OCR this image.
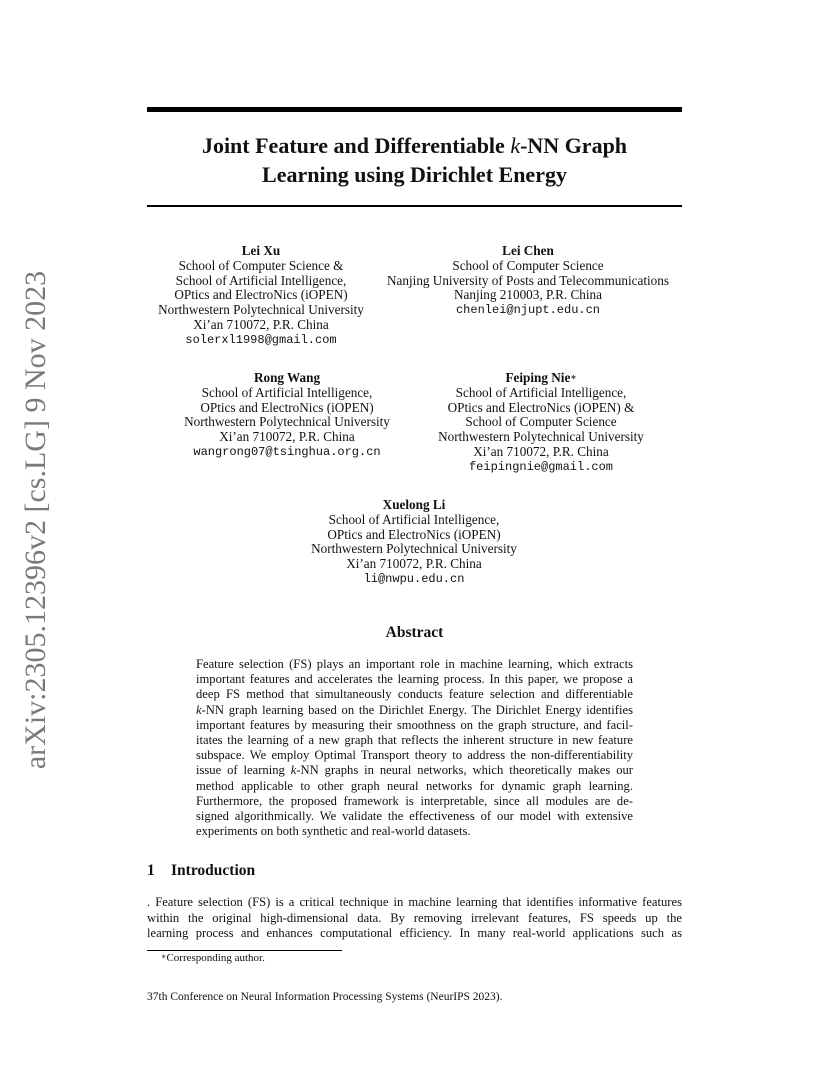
arXiv:2305.12396v2 [cs.LG] 9 Nov 2023
Joint Feature and Differentiable k-NN Graph
Learning using Dirichlet Energy
Lei Xu
School of Computer Science &
School of Artificial Intelligence,
OPtics and ElectroNics (iOPEN)
Northwestern Polytechnical University
Xi’an 710072, P.R. China
solerxl1998@gmail.com
Lei Chen
School of Computer Science
Nanjing University of Posts and Telecommunications
Nanjing 210003, P.R. China
chenlei@njupt.edu.cn
Rong Wang
School of Artificial Intelligence,
OPtics and ElectroNics (iOPEN)
Northwestern Polytechnical University
Xi’an 710072, P.R. China
wangrong07@tsinghua.org.cn
Feiping Nie∗
School of Artificial Intelligence,
OPtics and ElectroNics (iOPEN) &
School of Computer Science
Northwestern Polytechnical University
Xi’an 710072, P.R. China
feipingnie@gmail.com
Xuelong Li
School of Artificial Intelligence,
OPtics and ElectroNics (iOPEN)
Northwestern Polytechnical University
Xi’an 710072, P.R. China
li@nwpu.edu.cn
Abstract
Feature selection (FS) plays an important role in machine learning, which extracts
important features and accelerates the learning process. In this paper, we propose a
deep FS method that simultaneously conducts feature selection and differentiable
k-NN graph learning based on the Dirichlet Energy. The Dirichlet Energy identifies
important features by measuring their smoothness on the graph structure, and facil-
itates the learning of a new graph that reflects the inherent structure in new feature
subspace. We employ Optimal Transport theory to address the non-differentiability
issue of learning k-NN graphs in neural networks, which theoretically makes our
method applicable to other graph neural networks for dynamic graph learning.
Furthermore, the proposed framework is interpretable, since all modules are de-
signed algorithmically. We validate the effectiveness of our model with extensive
experiments on both synthetic and real-world datasets.
1 Introduction
. Feature selection (FS) is a critical technique in machine learning that identifies informative features
within the original high-dimensional data. By removing irrelevant features, FS speeds up the
learning process and enhances computational efficiency. In many real-world applications such as
∗Corresponding author.
37th Conference on Neural Information Processing Systems (NeurIPS 2023).
